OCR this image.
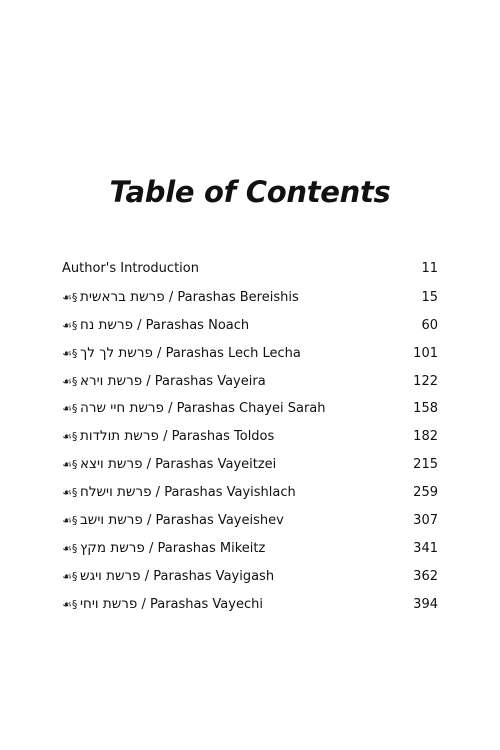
Table of Contents
Author's Introduction	11
☙§ פרשת בראשית / Parashas Bereishis	15
☙§ פרשת נח / Parashas Noach	60
☙§ פרשת לך לך / Parashas Lech Lecha	101
☙§ פרשת וירא / Parashas Vayeira	122
☙§ פרשת חיי שרה / Parashas Chayei Sarah	158
☙§ פרשת תולדות / Parashas Toldos	182
☙§ פרשת ויצא / Parashas Vayeitzei	215
☙§ פרשת וישלח / Parashas Vayishlach	259
☙§ פרשת וישב / Parashas Vayeishev	307
☙§ פרשת מקץ / Parashas Mikeitz	341
☙§ פרשת ויגש / Parashas Vayigash	362
☙§ פרשת ויחי / Parashas Vayechi	394
